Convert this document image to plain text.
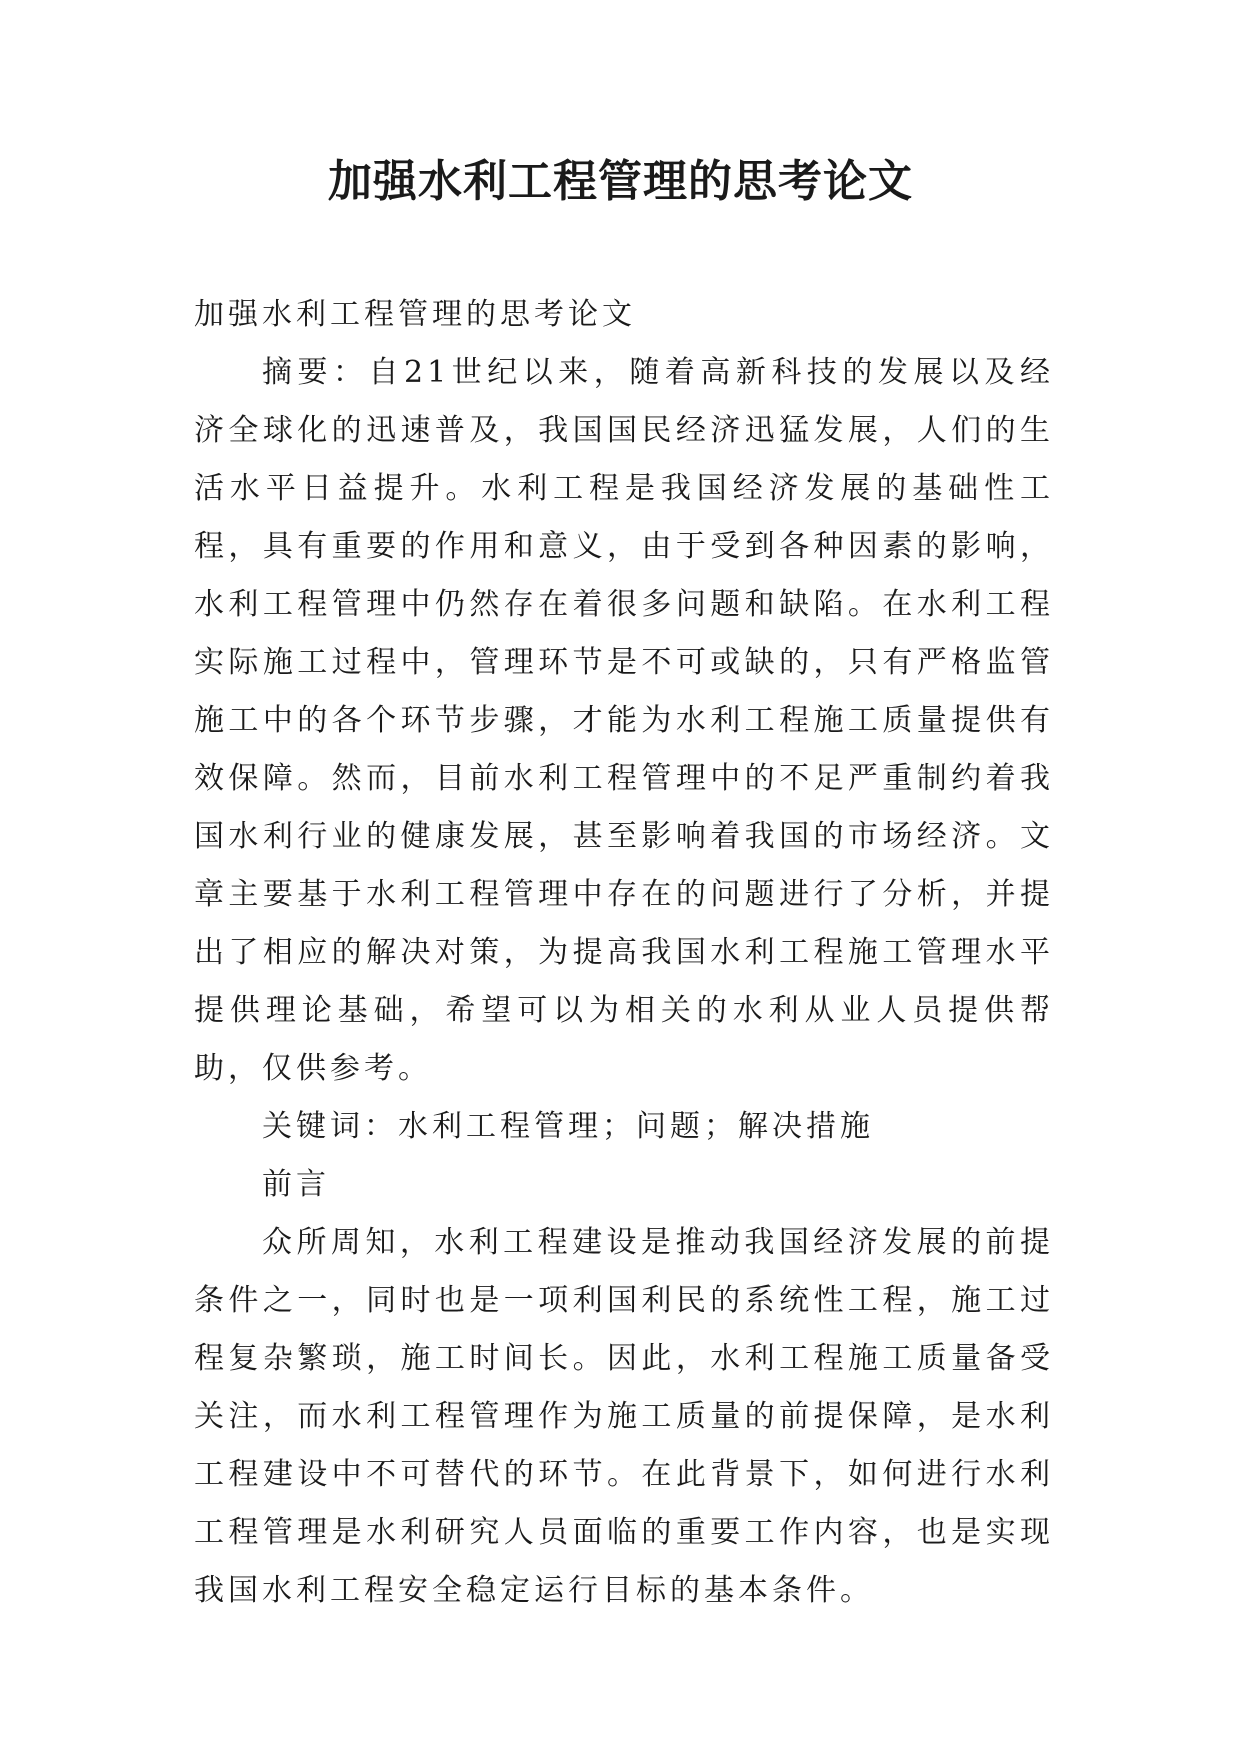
加强水利工程管理的思考论文

加强水利工程管理的思考论文

摘要：自21世纪以来，随着高新科技的发展以及经济全球化的迅速普及，我国国民经济迅猛发展，人们的生活水平日益提升。水利工程是我国经济发展的基础性工程，具有重要的作用和意义，由于受到各种因素的影响，水利工程管理中仍然存在着很多问题和缺陷。在水利工程实际施工过程中，管理环节是不可或缺的，只有严格监管施工中的各个环节步骤，才能为水利工程施工质量提供有效保障。然而，目前水利工程管理中的不足严重制约着我国水利行业的健康发展，甚至影响着我国的市场经济。文章主要基于水利工程管理中存在的问题进行了分析，并提出了相应的解决对策，为提高我国水利工程施工管理水平提供理论基础，希望可以为相关的水利从业人员提供帮助，仅供参考。

关键词：水利工程管理；问题；解决措施

前言

众所周知，水利工程建设是推动我国经济发展的前提条件之一，同时也是一项利国利民的系统性工程，施工过程复杂繁琐，施工时间长。因此，水利工程施工质量备受关注，而水利工程管理作为施工质量的前提保障，是水利工程建设中不可替代的环节。在此背景下，如何进行水利工程管理是水利研究人员面临的重要工作内容，也是实现我国水利工程安全稳定运行目标的基本条件。
